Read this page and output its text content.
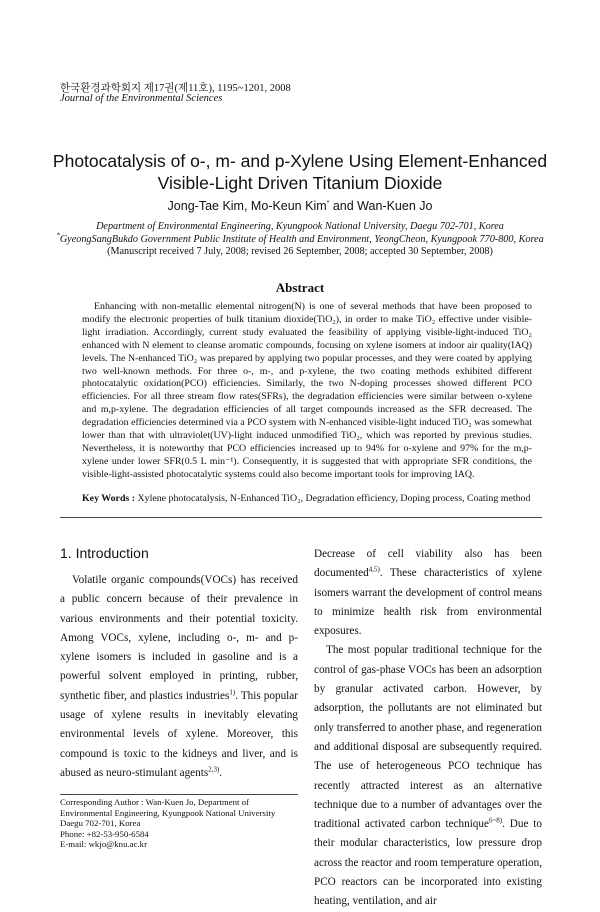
한국환경과학회지 제17권(제11호), 1195~1201, 2008
Journal of the Environmental Sciences
Photocatalysis of o-, m- and p-Xylene Using Element-Enhanced
Visible-Light Driven Titanium Dioxide
Jong-Tae Kim, Mo-Keun Kim* and Wan-Kuen Jo
Department of Environmental Engineering, Kyungpook National University, Daegu 702-701, Korea
*GyeongSangBukdo Government Public Institute of Health and Environment, YeongCheon, Kyungpook 770-800, Korea
(Manuscript received 7 July, 2008; revised 26 September, 2008; accepted 30 September, 2008)
Abstract
Enhancing with non-metallic elemental nitrogen(N) is one of several methods that have been proposed to modify the electronic properties of bulk titanium dioxide(TiO₂), in order to make TiO₂ effective under visible-light irradiation. Accordingly, current study evaluated the feasibility of applying visible-light-induced TiO₂ enhanced with N element to cleanse aromatic compounds, focusing on xylene isomers at indoor air quality(IAQ) levels. The N-enhanced TiO₂ was prepared by applying two popular processes, and they were coated by applying two well-known methods. For three o-, m-, and p-xylene, the two coating methods exhibited different photocatalytic oxidation(PCO) efficiencies. Similarly, the two N-doping processes showed different PCO efficiencies. For all three stream flow rates(SFRs), the degradation efficiencies were similar between o-xylene and m,p-xylene. The degradation efficiencies of all target compounds increased as the SFR decreased. The degradation efficiencies determined via a PCO system with N-enhanced visible-light induced TiO₂ was somewhat lower than that with ultraviolet(UV)-light induced unmodified TiO₂, which was reported by previous studies. Nevertheless, it is noteworthy that PCO efficiencies increased up to 94% for o-xylene and 97% for the m,p-xylene under lower SFR(0.5 L min⁻¹). Consequently, it is suggested that with appropriate SFR conditions, the visible-light-assisted photocatalytic systems could also become important tools for improving IAQ.
Key Words : Xylene photocatalysis, N-Enhanced TiO₂, Degradation efficiency, Doping process, Coating method
1. Introduction
Volatile organic compounds(VOCs) has received a public concern because of their prevalence in various environments and their potential toxicity. Among VOCs, xylene, including o-, m- and p-xylene isomers is included in gasoline and is a powerful solvent employed in printing, rubber, synthetic fiber, and plastics industries$^{1)}$. This popular usage of xylene results in inevitably elevating environmental levels of xylene. Moreover, this compound is toxic to the kidneys and liver, and is abused as neuro-stimulant agents$^{2,3)}$.

Decrease of cell viability also has been documented$^{4,5)}$. These characteristics of xylene isomers warrant the development of control means to minimize health risk from environmental exposures.

The most popular traditional technique for the control of gas-phase VOCs has been an adsorption by granular activated carbon. However, by adsorption, the pollutants are not eliminated but only transferred to another phase, and regeneration and additional disposal are subsequently required. The use of heterogeneous PCO technique has recently attracted interest as an alternative technique due to a number of advantages over the traditional activated carbon technique$^{6\sim 8)}$. Due to their modular characteristics, low pressure drop across the reactor and room temperature operation, PCO reactors can be incorporated into existing heating, ventilation, and air

Corresponding Author : Wan-Kuen Jo, Department of Environmental Engineering, Kyungpook National University Daegu 702-701, Korea
Phone: +82-53-950-6584
E-mail: wkjo@knu.ac.kr
